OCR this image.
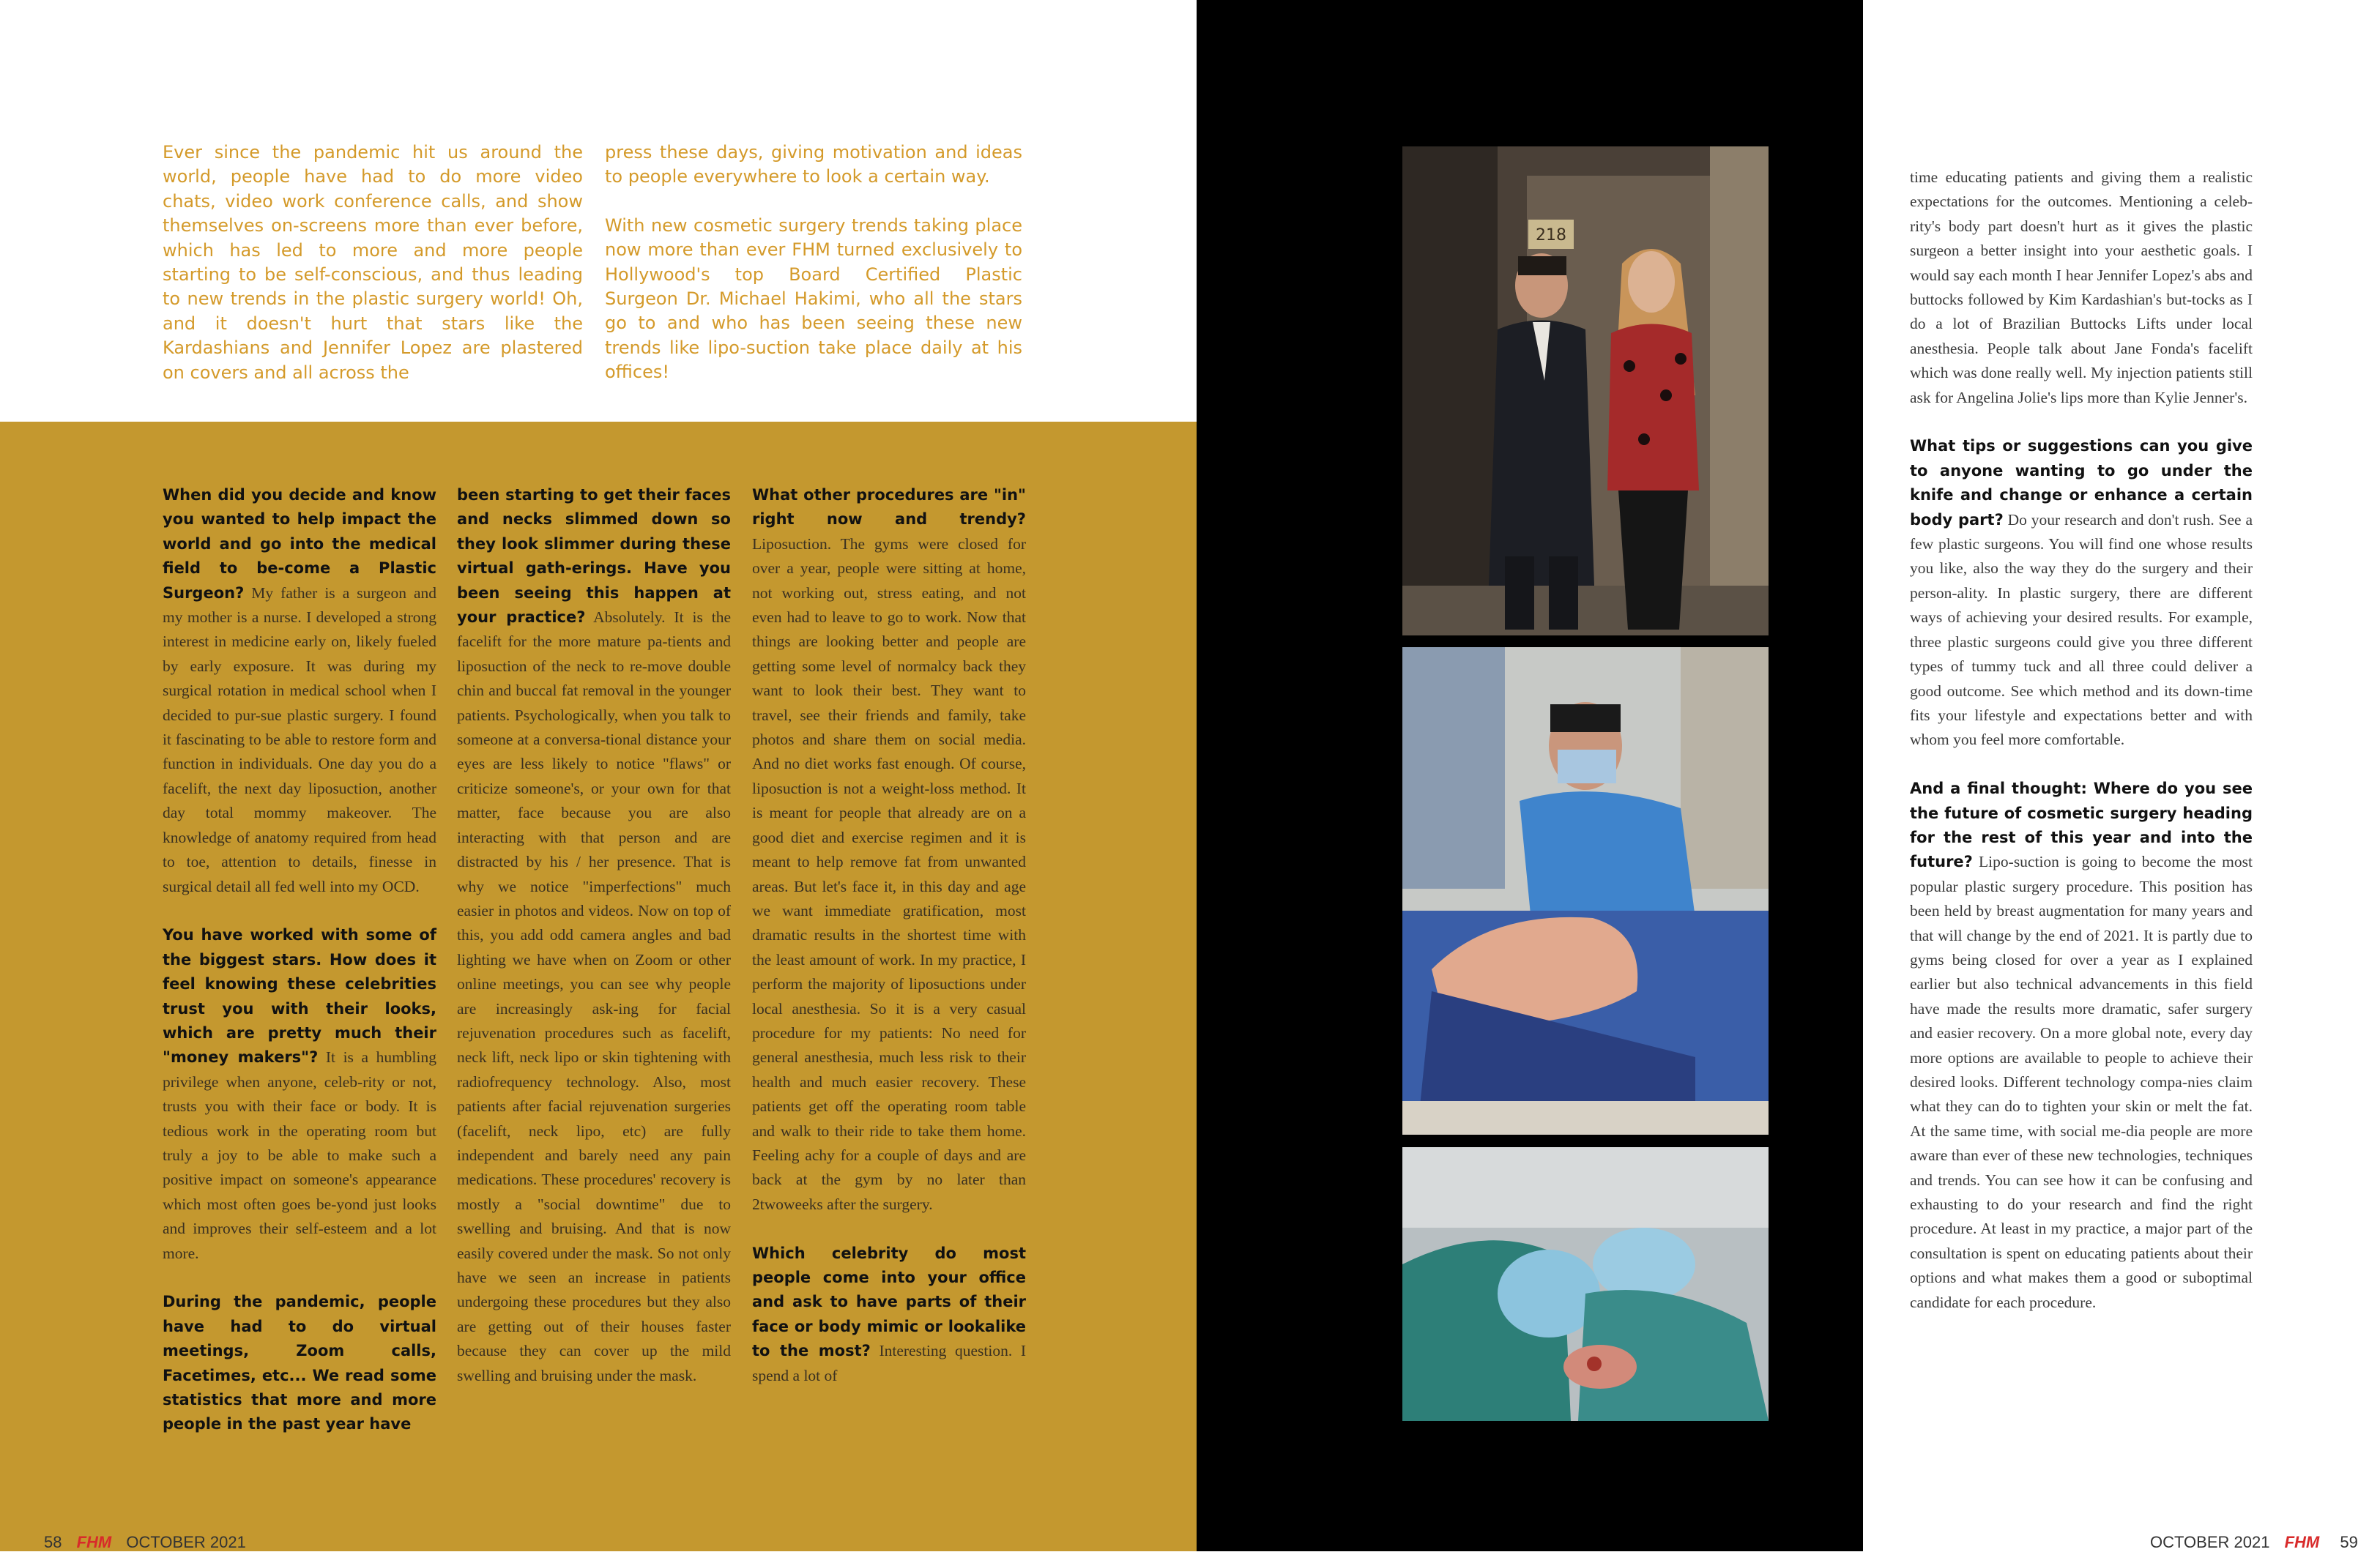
Ever since the pandemic hit us around the world, people have had to do more video chats, video work conference calls, and show themselves on-screens more than ever before, which has led to more and more people starting to be self-conscious, and thus leading to new trends in the plastic surgery world! Oh, and it doesn't hurt that stars like the Kardashians and Jennifer Lopez are plastered on covers and all across the

press these days, giving motivation and ideas to people everywhere to look a certain way.

With new cosmetic surgery trends taking place now more than ever FHM turned exclusively to Hollywood's top Board Certified Plastic Surgeon Dr. Michael Hakimi, who all the stars go to and who has been seeing these new trends like lipo-suction take place daily at his offices!

When did you decide and know you wanted to help impact the world and go into the medical field to be-come a Plastic Surgeon? My father is a surgeon and my mother is a nurse. I developed a strong interest in medicine early on, likely fueled by early exposure. It was during my surgical rotation in medical school when I decided to pur-sue plastic surgery. I found it fascinating to be able to restore form and function in individuals. One day you do a facelift, the next day liposuction, another day total mommy makeover. The knowledge of anatomy required from head to toe, attention to details, finesse in surgical detail all fed well into my OCD.

You have worked with some of the biggest stars. How does it feel knowing these celebrities trust you with their looks, which are pretty much their "money makers"? It is a humbling privilege when anyone, celeb-rity or not, trusts you with their face or body. It is tedious work in the operating room but truly a joy to be able to make such a positive impact on someone's appearance which most often goes be-yond just looks and improves their self-esteem and a lot more.

During the pandemic, people have had to do virtual meetings, Zoom calls, Facetimes, etc... We read some statistics that more and more people in the past year have

been starting to get their faces and necks slimmed down so they look slimmer during these virtual gath-erings. Have you been seeing this happen at your practice? Absolutely. It is the facelift for the more mature pa-tients and liposuction of the neck to re-move double chin and buccal fat removal in the younger patients. Psychologically, when you talk to someone at a conversa-tional distance your eyes are less likely to notice "flaws" or criticize someone's, or your own for that matter, face because you are also interacting with that person and are distracted by his / her presence. That is why we notice "imperfections" much easier in photos and videos. Now on top of this, you add odd camera angles and bad lighting we have when on Zoom or other online meetings, you can see why people are increasingly ask-ing for facial rejuvenation procedures such as facelift, neck lift, neck lipo or skin tightening with radiofrequency technology. Also, most patients after facial rejuvenation surgeries (facelift, neck lipo, etc) are fully independent and barely need any pain medications. These procedures' recovery is mostly a "social downtime" due to swelling and bruising. And that is now easily covered under the mask. So not only have we seen an increase in patients undergoing these procedures but they also are getting out of their houses faster because they can cover up the mild swelling and bruising under the mask.

What other procedures are "in" right now and trendy? Liposuction. The gyms were closed for over a year, people were sitting at home, not working out, stress eating, and not even had to leave to go to work. Now that things are looking better and people are getting some level of normalcy back they want to look their best. They want to travel, see their friends and family, take photos and share them on social media. And no diet works fast enough. Of course, liposuction is not a weight-loss method. It is meant for people that already are on a good diet and exercise regimen and it is meant to help remove fat from unwanted areas. But let's face it, in this day and age we want immediate gratification, most dramatic results in the shortest time with the least amount of work. In my practice, I perform the majority of liposuctions under local anesthesia. So it is a very casual procedure for my patients: No need for general anesthesia, much less risk to their health and much easier recovery. These patients get off the operating room table and walk to their ride to take them home. Feeling achy for a couple of days and are back at the gym by no later than 2twoweeks after the surgery.

Which celebrity do most people come into your office and ask to have parts of their face or body mimic or lookalike to the most? Interesting question. I spend a lot of

time educating patients and giving them a realistic expectations for the outcomes. Mentioning a celeb-rity's body part doesn't hurt as it gives the plastic surgeon a better insight into your aesthetic goals. I would say each month I hear Jennifer Lopez's abs and buttocks followed by Kim Kardashian's but-tocks as I do a lot of Brazilian Buttocks Lifts under local anesthesia. People talk about Jane Fonda's facelift which was done really well. My injection patients still ask for Angelina Jolie's lips more than Kylie Jenner's.

What tips or suggestions can you give to anyone wanting to go under the knife and change or enhance a certain body part? Do your research and don't rush. See a few plastic surgeons. You will find one whose results you like, also the way they do the surgery and their person-ality. In plastic surgery, there are different ways of achieving your desired results. For example, three plastic surgeons could give you three different types of tummy tuck and all three could deliver a good outcome. See which method and its down-time fits your lifestyle and expectations better and with whom you feel more comfortable.

And a final thought: Where do you see the future of cosmetic surgery heading for the rest of this year and into the future? Lipo-suction is going to become the most popular plastic surgery procedure. This position has been held by breast augmentation for many years and that will change by the end of 2021. It is partly due to gyms being closed for over a year as I explained earlier but also technical advancements in this field have made the results more dramatic, safer surgery and easier recovery. On a more global note, every day more options are available to people to achieve their desired looks. Different technology compa-nies claim what they can do to tighten your skin or melt the fat. At the same time, with social me-dia people are more aware than ever of these new technologies, techniques and trends. You can see how it can be confusing and exhausting to do your research and find the right procedure. At least in my practice, a major part of the consultation is spent on educating patients about their options and what makes them a good or suboptimal candidate for each procedure.

218
58 FHM OCTOBER 2021	OCTOBER 2021 FHM 59
